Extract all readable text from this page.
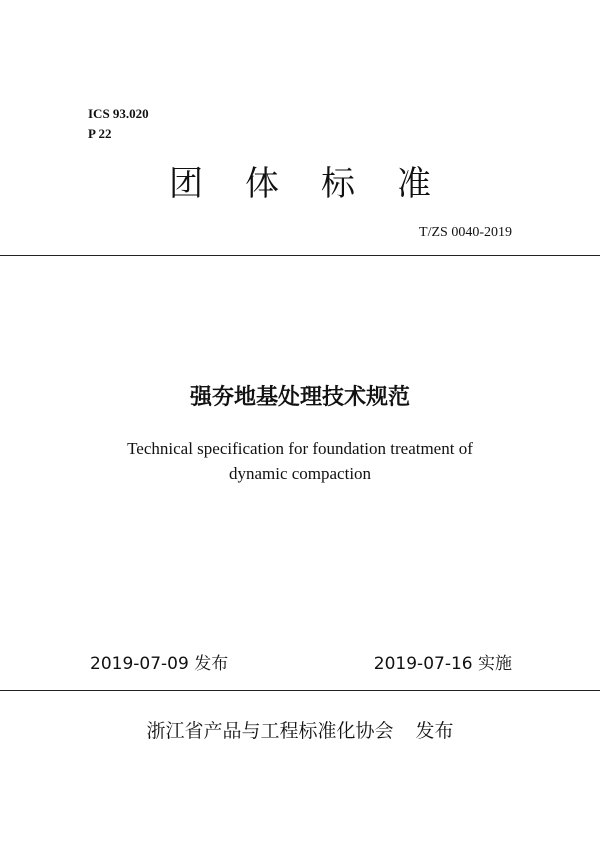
ICS 93.020
P 22
团体标准
T/ZS 0040-2019
强夯地基处理技术规范
Technical specification for foundation treatment of
dynamic compaction
2019-07-09 发布	2019-07-16 实施
浙江省产品与工程标准化协会 发布
